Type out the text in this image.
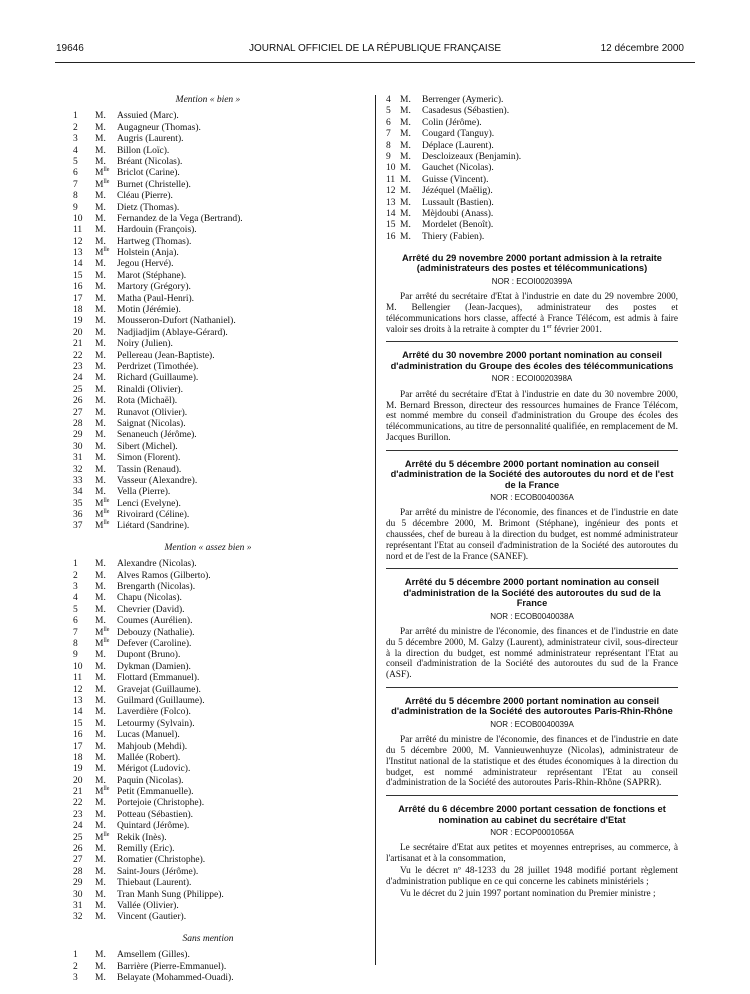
19646	JOURNAL OFFICIEL DE LA RÉPUBLIQUE FRANÇAISE	12 décembre 2000
Mention « bien »
1 M. Assuied (Marc).
2 M. Augagneur (Thomas).
3 M. Augris (Laurent).
4 M. Billon (Loïc).
5 M. Bréant (Nicolas).
6 $M^{lle}$ Briclot (Carine).
7 $M^{lle}$ Burnet (Christelle).
8 M. Cléau (Pierre).
9 M. Dietz (Thomas).
10 M. Fernandez de la Vega (Bertrand).
11 M. Hardouin (François).
12 M. Hartweg (Thomas).
13 $M^{lle}$ Holstein (Anja).
14 M. Jegou (Hervé).
15 M. Marot (Stéphane).
16 M. Martory (Grégory).
17 M. Matha (Paul-Henri).
18 M. Motin (Jérémie).
19 M. Mousseron-Dufort (Nathaniel).
20 M. Nadjiadjim (Ablaye-Gérard).
21 M. Noiry (Julien).
22 M. Pellereau (Jean-Baptiste).
23 M. Perdrizet (Timothée).
24 M. Richard (Guillaume).
25 M. Rinaldi (Olivier).
26 M. Rota (Michaël).
27 M. Runavot (Olivier).
28 M. Saignat (Nicolas).
29 M. Senaneuch (Jérôme).
30 M. Sibert (Michel).
31 M. Simon (Florent).
32 M. Tassin (Renaud).
33 M. Vasseur (Alexandre).
34 M. Vella (Pierre).
35 $M^{lle}$ Lenci (Evelyne).
36 $M^{lle}$ Rivoirard (Céline).
37 $M^{lle}$ Liétard (Sandrine).
Mention « assez bien »
1 M. Alexandre (Nicolas).
2 M. Alves Ramos (Gilberto).
3 M. Brengarth (Nicolas).
4 M. Chapu (Nicolas).
5 M. Chevrier (David).
6 M. Coumes (Aurélien).
7 $M^{lle}$ Debouzy (Nathalie).
8 $M^{lle}$ Defever (Caroline).
9 M. Dupont (Bruno).
10 M. Dykman (Damien).
11 M. Flottard (Emmanuel).
12 M. Gravejat (Guillaume).
13 M. Guilmard (Guillaume).
14 M. Laverdière (Folco).
15 M. Letourmy (Sylvain).
16 M. Lucas (Manuel).
17 M. Mahjoub (Mehdi).
18 M. Mallée (Robert).
19 M. Mérigot (Ludovic).
20 M. Paquin (Nicolas).
21 $M^{lle}$ Petit (Emmanuelle).
22 M. Portejoie (Christophe).
23 M. Potteau (Sébastien).
24 M. Quintard (Jérôme).
25 $M^{lle}$ Rekik (Inès).
26 M. Remilly (Eric).
27 M. Romatier (Christophe).
28 M. Saint-Jours (Jérôme).
29 M. Thiebaut (Laurent).
30 M. Tran Manh Sung (Philippe).
31 M. Vallée (Olivier).
32 M. Vincent (Gautier).
Sans mention
1 M. Amsellem (Gilles).
2 M. Barrière (Pierre-Emmanuel).
3 M. Belayate (Mohammed-Ouadi).
4 M. Berrenger (Aymeric).
5 M. Casadesus (Sébastien).
6 M. Colin (Jérôme).
7 M. Cougard (Tanguy).
8 M. Déplace (Laurent).
9 M. Descloizeaux (Benjamin).
10 M. Gauchet (Nicolas).
11 M. Guisse (Vincent).
12 M. Jézéquel (Maëlig).
13 M. Lussault (Bastien).
14 M. Mèjdoubi (Anass).
15 M. Mordelet (Benoît).
16 M. Thiery (Fabien).
Arrêté du 29 novembre 2000 portant admission à la retraite (administrateurs des postes et télécommunications)
NOR : ECOI0020399A

Par arrêté du secrétaire d'Etat à l'industrie en date du 29 novembre 2000, M. Bellengier (Jean-Jacques), administrateur des postes et télécommunications hors classe, affecté à France Télécom, est admis à faire valoir ses droits à la retraite à compter du 1er février 2001.

Arrêté du 30 novembre 2000 portant nomination au conseil d'administration du Groupe des écoles des télécommunications
NOR : ECOI0020398A

Par arrêté du secrétaire d'Etat à l'industrie en date du 30 novembre 2000, M. Bernard Bresson, directeur des ressources humaines de France Télécom, est nommé membre du conseil d'administration du Groupe des écoles des télécommunications, au titre de personnalité qualifiée, en remplacement de M. Jacques Burillon.

Arrêté du 5 décembre 2000 portant nomination au conseil d'administration de la Société des autoroutes du nord et de l'est de la France
NOR : ECOB0040036A

Par arrêté du ministre de l'économie, des finances et de l'industrie en date du 5 décembre 2000, M. Brimont (Stéphane), ingénieur des ponts et chaussées, chef de bureau à la direction du budget, est nommé administrateur représentant l'Etat au conseil d'administration de la Société des autoroutes du nord et de l'est de la France (SANEF).

Arrêté du 5 décembre 2000 portant nomination au conseil d'administration de la Société des autoroutes du sud de la France
NOR : ECOB0040038A

Par arrêté du ministre de l'économie, des finances et de l'industrie en date du 5 décembre 2000, M. Galzy (Laurent), administrateur civil, sous-directeur à la direction du budget, est nommé administrateur représentant l'Etat au conseil d'administration de la Société des autoroutes du sud de la France (ASF).

Arrêté du 5 décembre 2000 portant nomination au conseil d'administration de la Société des autoroutes Paris-Rhin-Rhône
NOR : ECOB0040039A

Par arrêté du ministre de l'économie, des finances et de l'industrie en date du 5 décembre 2000, M. Vannieuwenhuyze (Nicolas), administrateur de l'Institut national de la statistique et des études économiques à la direction du budget, est nommé administrateur représentant l'Etat au conseil d'administration de la Société des autoroutes Paris-Rhin-Rhône (SAPRR).

Arrêté du 6 décembre 2000 portant cessation de fonctions et nomination au cabinet du secrétaire d'Etat
NOR : ECOP0001056A

Le secrétaire d'Etat aux petites et moyennes entreprises, au commerce, à l'artisanat et à la consommation,

Vu le décret nº 48-1233 du 28 juillet 1948 modifié portant règlement d'administration publique en ce qui concerne les cabinets ministériels ;

Vu le décret du 2 juin 1997 portant nomination du Premier ministre ;
